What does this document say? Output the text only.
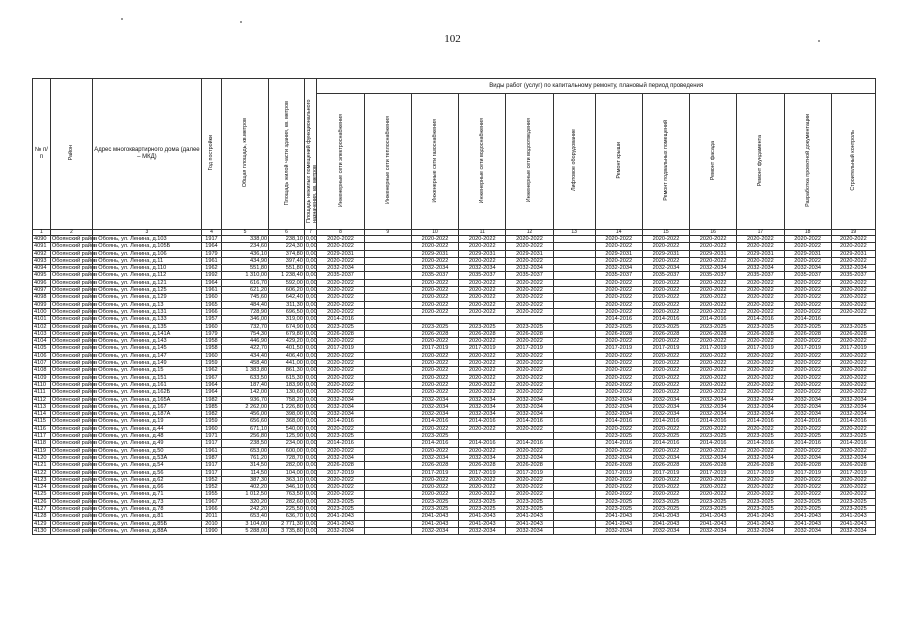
102
№ п/п	Район	Адрес многоквартирного дома (далее – МКД)	Год постройки	Общая площадь, кв.метров	Площадь жилой части здания, кв. метров	Площадь нежилых помещений функционального назначения, кв. метров	Виды работ (услуг) по капитальному ремонту, плановый период проведения											
							Инженерные сети электроснабжения	Инженерные сети теплоснабжения	Инженерные сети газоснабжения	Инженерные сети водоснабжения	Инженерные сети водоотведения	Лифтовое оборудование	Ремонт крыши	Ремонт подвальных помещений	Ремонт фасада	Ремонт фундамента	Разработка проектной документации	Строительный контроль
1	2	3	4	5	6	7	8	9	10	11	12	13	14	15	16	17	18	19
4090	Обоянский район	г. Обоянь, ул. Ленина, д.103	1917	338,00	238,10	0,00	2020-2022		2020-2022	2020-2022	2020-2022		2020-2022	2020-2022	2020-2022	2020-2022	2020-2022	2020-2022
4091	Обоянский район	г. Обоянь, ул. Ленина, д.105Б	1964	234,60	224,30	0,00	2020-2022		2020-2022	2020-2022	2020-2022		2020-2022	2020-2022	2020-2022	2020-2022	2020-2022	2020-2022
4092	Обоянский район	г. Обоянь, ул. Ленина, д.106	1979	436,10	374,80	0,00	2029-2031		2029-2031	2029-2031	2029-2031		2029-2031	2029-2031	2029-2031	2029-2031	2029-2031	2029-2031
4093	Обоянский район	г. Обоянь, ул. Ленина, д.11	1961	434,90	397,40	0,00	2020-2022		2020-2022	2020-2022	2020-2022		2020-2022	2020-2022	2020-2022	2020-2022	2020-2022	2020-2022
4094	Обоянский район	г. Обоянь, ул. Ленина, д.110	1962	551,80	551,80	0,00	2032-2034		2032-2034	2032-2034	2032-2034		2032-2034	2032-2034	2032-2034	2032-2034	2032-2034	2032-2034
4095	Обоянский район	г. Обоянь, ул. Ленина, д.112	1992	1 310,00	1 238,40	0,00	2035-2037		2035-2037	2035-2037	2035-2037		2035-2037	2035-2037	2035-2037	2035-2037	2035-2037	2035-2037
4096	Обоянский район	г. Обоянь, ул. Ленина, д.121	1964	616,70	592,00	0,00	2020-2022		2020-2022	2020-2022	2020-2022		2020-2022	2020-2022	2020-2022	2020-2022	2020-2022	2020-2022
4097	Обоянский район	г. Обоянь, ул. Ленина, д.125	1961	621,20	606,20	0,00	2020-2022		2020-2022	2020-2022	2020-2022		2020-2022	2020-2022	2020-2022	2020-2022	2020-2022	2020-2022
4098	Обоянский район	г. Обоянь, ул. Ленина, д.129	1960	745,60	642,40	0,00	2020-2022		2020-2022	2020-2022	2020-2022		2020-2022	2020-2022	2020-2022	2020-2022	2020-2022	2020-2022
4099	Обоянский район	г. Обоянь, ул. Ленина, д.13	1965	484,40	311,30	0,00	2020-2022		2020-2022	2020-2022	2020-2022		2020-2022	2020-2022	2020-2022	2020-2022	2020-2022	2020-2022
4100	Обоянский район	г. Обоянь, ул. Ленина, д.131	1966	728,90	696,50	0,00	2020-2022		2020-2022	2020-2022	2020-2022		2020-2022	2020-2022	2020-2022	2020-2022	2020-2022	2020-2022
4101	Обоянский район	г. Обоянь, ул. Ленина, д.133	1957	346,00	319,00	0,00	2014-2016						2014-2016	2014-2016	2014-2016	2014-2016	2014-2016	
4102	Обоянский район	г. Обоянь, ул. Ленина, д.135	1960	732,70	674,90	0,00	2023-2025		2023-2025	2023-2025	2023-2025		2023-2025	2023-2025	2023-2025	2023-2025	2023-2025	2023-2025
4103	Обоянский район	г. Обоянь, ул. Ленина, д.141А	1979	754,30	679,80	0,00	2026-2028		2026-2028	2026-2028	2026-2028		2026-2028	2026-2028	2026-2028	2026-2028	2026-2028	2026-2028
4104	Обоянский район	г. Обоянь, ул. Ленина, д.143	1958	446,90	429,20	0,00	2020-2022		2020-2022	2020-2022	2020-2022		2020-2022	2020-2022	2020-2022	2020-2022	2020-2022	2020-2022
4105	Обоянский район	г. Обоянь, ул. Ленина, д.145	1958	422,70	401,50	0,00	2017-2019		2017-2019	2017-2019	2017-2019		2017-2019	2017-2019	2017-2019	2017-2019	2017-2019	2017-2019
4106	Обоянский район	г. Обоянь, ул. Ленина, д.147	1960	434,40	406,40	0,00	2020-2022		2020-2022	2020-2022	2020-2022		2020-2022	2020-2022	2020-2022	2020-2022	2020-2022	2020-2022
4107	Обоянский район	г. Обоянь, ул. Ленина, д.149	1959	458,40	441,00	0,00	2020-2022		2020-2022	2020-2022	2020-2022		2020-2022	2020-2022	2020-2022	2020-2022	2020-2022	2020-2022
4108	Обоянский район	г. Обоянь, ул. Ленина, д.15	1962	1 383,80	861,30	0,00	2020-2022		2020-2022	2020-2022	2020-2022		2020-2022	2020-2022	2020-2022	2020-2022	2020-2022	2020-2022
4109	Обоянский район	г. Обоянь, ул. Ленина, д.151	1967	633,50	615,30	0,00	2020-2022		2020-2022	2020-2022	2020-2022		2020-2022	2020-2022	2020-2022	2020-2022	2020-2022	2020-2022
4110	Обоянский район	г. Обоянь, ул. Ленина, д.161	1964	187,40	183,90	0,00	2020-2022		2020-2022	2020-2022	2020-2022		2020-2022	2020-2022	2020-2022	2020-2022	2020-2022	2020-2022
4111	Обоянский район	г. Обоянь, ул. Ленина, д.162Б	1964	142,00	130,60	0,00	2020-2022		2020-2022	2020-2022	2020-2022		2020-2022	2020-2022	2020-2022	2020-2022	2020-2022	2020-2022
4112	Обоянский район	г. Обоянь, ул. Ленина, д.165А	1982	936,70	758,20	0,00	2032-2034		2032-2034	2032-2034	2032-2034		2032-2034	2032-2034	2032-2034	2032-2034	2032-2034	2032-2034
4113	Обоянский район	г. Обоянь, ул. Ленина, д.167	1985	2 262,00	1 226,80	0,00	2032-2034		2032-2034	2032-2034	2032-2034		2032-2034	2032-2034	2032-2034	2032-2034	2032-2034	2032-2034
4114	Обоянский район	г. Обоянь, ул. Ленина, д.187А	1982	456,00	398,00	0,00	2032-2034		2032-2034	2032-2034	2032-2034		2032-2034	2032-2034	2032-2034	2032-2034	2032-2034	2032-2034
4115	Обоянский район	г. Обоянь, ул. Ленина, д.19	1959	656,60	368,00	0,00	2014-2016		2014-2016	2014-2016	2014-2016		2014-2016	2014-2016	2014-2016	2014-2016	2014-2016	2014-2016
4116	Обоянский район	г. Обоянь, ул. Ленина, д.44	1960	671,10	540,00	0,00	2020-2022		2020-2022	2020-2022	2020-2022		2020-2022	2020-2022	2020-2022	2020-2022	2020-2022	2020-2022
4117	Обоянский район	г. Обоянь, ул. Ленина, д.48	1971	256,80	125,90	0,00	2023-2025		2023-2025				2023-2025	2023-2025	2023-2025	2023-2025	2023-2025	2023-2025
4118	Обоянский район	г. Обоянь, ул. Ленина, д.49	1917	238,50	234,00	0,00	2014-2016		2014-2016	2014-2016	2014-2016		2014-2016	2014-2016	2014-2016	2014-2016	2014-2016	2014-2016
4119	Обоянский район	г. Обоянь, ул. Ленина, д.50	1961	653,00	600,00	0,00	2020-2022		2020-2022	2020-2022	2020-2022		2020-2022	2020-2022	2020-2022	2020-2022	2020-2022	2020-2022
4120	Обоянский район	г. Обоянь, ул. Ленина, д.53А	1987	761,20	728,70	0,00	2032-2034		2032-2034	2032-2034	2032-2034		2032-2034	2032-2034	2032-2034	2032-2034	2032-2034	2032-2034
4121	Обоянский район	г. Обоянь, ул. Ленина, д.54	1917	314,50	282,00	0,00	2026-2028		2026-2028	2026-2028	2026-2028		2026-2028	2026-2028	2026-2028	2026-2028	2026-2028	2026-2028
4122	Обоянский район	г. Обоянь, ул. Ленина, д.56	1917	114,50	104,00	0,00	2017-2019		2017-2019	2017-2019	2017-2019		2017-2019	2017-2019	2017-2019	2017-2019	2017-2019	2017-2019
4123	Обоянский район	г. Обоянь, ул. Ленина, д.62	1952	387,30	363,10	0,00	2020-2022		2020-2022	2020-2022	2020-2022		2020-2022	2020-2022	2020-2022	2020-2022	2020-2022	2020-2022
4124	Обоянский район	г. Обоянь, ул. Ленина, д.66	1952	402,20	346,10	0,00	2020-2022		2020-2022	2020-2022	2020-2022		2020-2022	2020-2022	2020-2022	2020-2022	2020-2022	2020-2022
4125	Обоянский район	г. Обоянь, ул. Ленина, д.71	1955	1 012,50	763,50	0,00	2020-2022		2020-2022	2020-2022	2020-2022		2020-2022	2020-2022	2020-2022	2020-2022	2020-2022	2020-2022
4126	Обоянский район	г. Обоянь, ул. Ленина, д.73	1967	320,20	282,60	0,00	2023-2025		2023-2025	2023-2025	2023-2025		2023-2025	2023-2025	2023-2025	2023-2025	2023-2025	2023-2025
4127	Обоянский район	г. Обоянь, ул. Ленина, д.78	1966	242,20	225,50	0,00	2023-2025		2023-2025	2023-2025	2023-2025		2023-2025	2023-2025	2023-2025	2023-2025	2023-2025	2023-2025
4128	Обоянский район	г. Обоянь, ул. Ленина, д.81	2011	653,40	636,70	0,00	2041-2043		2041-2043	2041-2043	2041-2043		2041-2043	2041-2043	2041-2043	2041-2043	2041-2043	2041-2043
4129	Обоянский район	г. Обоянь, ул. Ленина, д.85Б	2010	3 104,00	2 771,30	0,00	2041-2043		2041-2043	2041-2043	2041-2043		2041-2043	2041-2043	2041-2043	2041-2043	2041-2043	2041-2043
4130	Обоянский район	г. Обоянь, ул. Ленина, д.88А	1990	5 288,00	3 735,80	0,00	2032-2034		2032-2034	2032-2034	2032-2034		2032-2034	2032-2034	2032-2034	2032-2034	2032-2034	2032-2034
